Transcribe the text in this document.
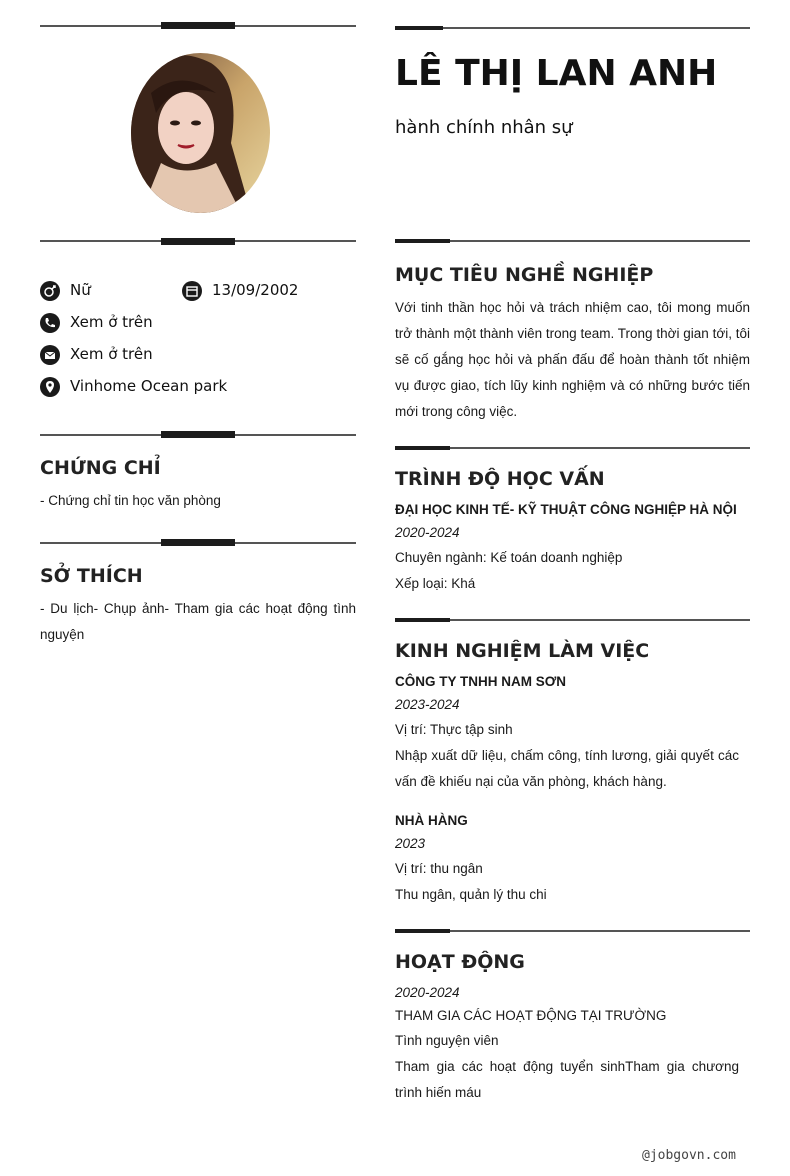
Nữ	13/09/2002
Xem ở trên
Xem ở trên
Vinhome Ocean park
CHỨNG CHỈ
- Chứng chỉ tin học văn phòng
SỞ THÍCH
- Du lịch- Chụp ảnh- Tham gia các hoạt động tình nguyện
LÊ THỊ LAN ANH
hành chính nhân sự
MỤC TIÊU NGHỀ NGHIỆP
Với tinh thần học hỏi và trách nhiệm cao, tôi mong muốn trở thành một thành viên trong team. Trong thời gian tới, tôi sẽ cố gắng học hỏi và phấn đấu để hoàn thành tốt nhiệm vụ được giao, tích lũy kinh nghiệm và có những bước tiến mới trong công việc.
TRÌNH ĐỘ HỌC VẤN
ĐẠI HỌC KINH TẾ- KỸ THUẬT CÔNG NGHIỆP HÀ NỘI
2020-2024
Chuyên ngành: Kế toán doanh nghiệp
Xếp loại: Khá
KINH NGHIỆM LÀM VIỆC
CÔNG TY TNHH NAM SƠN
2023-2024
Vị trí: Thực tập sinh
Nhập xuất dữ liệu, chấm công, tính lương, giải quyết các vấn đề khiếu nại của văn phòng, khách hàng.
NHÀ HÀNG
2023
Vị trí: thu ngân
Thu ngân, quản lý thu chi
HOẠT ĐỘNG
2020-2024
THAM GIA CÁC HOẠT ĐỘNG TẠI TRƯỜNG
Tình nguyện viên
Tham gia các hoạt động tuyển sinhTham gia chương trình hiến máu
@jobgovn.com
